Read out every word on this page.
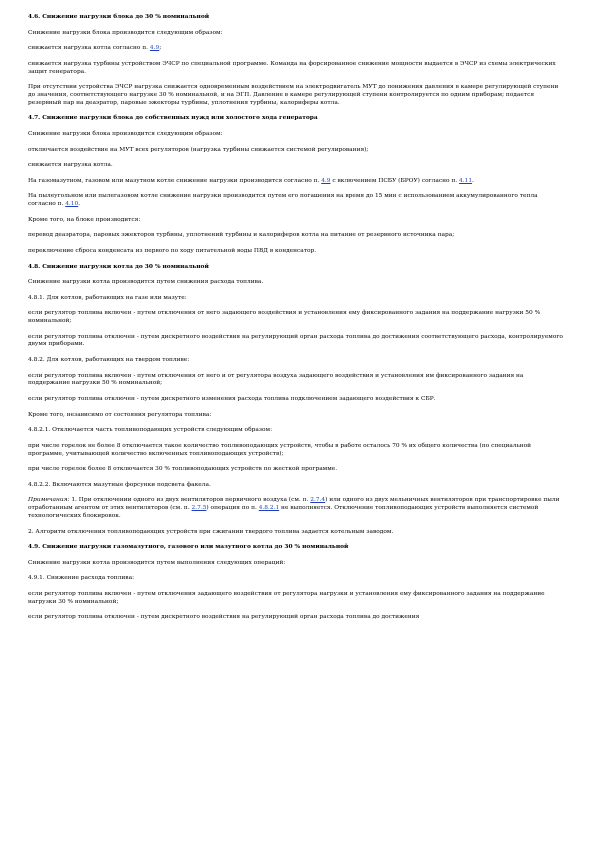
4.6. Снижение нагрузки блока до 30 % номинальной

Снижение нагрузки блока производится следующим образом:

снижается нагрузка котла согласно п. 4.9;

снижается нагрузка турбины устройством ЭЧСР по специальной программе. Команда на форсированное снижение мощности выдается в ЭЧСР из схемы электрических защит генератора.

При отсутствии устройства ЭЧСР нагрузка снижается одновременным воздействием на электродвигатель МУТ до понижения давления в камере регулирующей ступени до значения, соответствующего нагрузке 30 % номинальной, и на ЭГП. Давление в камере регулирующей ступени контролируется по одним приборам; подается резервный пар на деаэратор, паровые эжекторы турбины, уплотнения турбины, калориферы котла.

4.7. Снижение нагрузки блока до собственных нужд или холостого хода генератора

Снижение нагрузки блока производится следующим образом:

отключается воздействие на МУТ всех регуляторов (нагрузка турбины снижается системой регулирования);

снижается нагрузка котла.

На газомазутном, газовом или мазутном котле снижение нагрузки производится согласно п. 4.9 с включением ПСБУ (БРОУ) согласно п. 4.11.

На пылеугольном или пылегазовом котле снижение нагрузки производится путем его погашения на время до 15 мин с использованием аккумулированного тепла согласно п. 4.10.

Кроме того, на блоке производится:

перевод деаэратора, паровых эжекторов турбины, уплотнений турбины и калориферов котла на питание от резервного источника пара;

переключение сброса конденсата из первого по ходу питательной воды ПВД в конденсатор.

4.8. Снижение нагрузки котла до 30 % номинальной

Снижение нагрузки котла производится путем снижения расхода топлива.

4.8.1. Для котлов, работающих на газе или мазуте:

если регулятор топлива включен - путем отключения от него задающего воздействия и установления ему фиксированного задания на поддержание нагрузки 50 % номинальной;

если регулятор топлива отключен - путем дискретного воздействия на регулирующий орган расхода топлива до достижения соответствующего расхода, контролируемого двумя приборами.

4.8.2. Для котлов, работающих на твердом топливе:

если регулятор топлива включен - путем отключения от него и от регулятора воздуха задающего воздействия и установления им фиксированного задания на поддержание нагрузки 50 % номинальной;

если регулятор топлива отключен - путем дискретного изменения расхода топлива подключением задающего воздействия к СБР.

Кроме того, независимо от состояния регулятора топлива:

4.8.2.1. Отключается часть топливоподающих устройств следующим образом:

при числе горелок не более 8 отключается такое количество топливоподающих устройств, чтобы в работе осталось 70 % их общего количества (по специальной программе, учитывающей количество включенных топливоподающих устройств);

при числе горелок более 8 отключается 30 % топливоподающих устройств по жесткой программе.

4.8.2.2. Включаются мазутные форсунки подсвета факела.

Примечания: 1. При отключении одного из двух вентиляторов первичного воздуха (см. п. 2.7.4) или одного из двух мельничных вентиляторов при транспортировке пыли отработанным агентом от этих вентиляторов (см. п. 2.7.5) операция по п. 4.8.2.1 не выполняется. Отключение топливоподающих устройств выполняется системой технологических блокировок.

2. Алгоритм отключения топливоподающих устройств при сжигании твердого топлива задается котельным заводом.

4.9. Снижение нагрузки газомазутного, газового или мазутного котла до 30 % номинальной

Снижение нагрузки котла производится путем выполнения следующих операций:

4.9.1. Снижение расхода топлива:

если регулятор топлива включен - путем отключения задающего воздействия от регулятора нагрузки и установления ему фиксированного задания на поддержание нагрузки 30 % номинальной;

если регулятор топлива отключен - путем дискретного воздействия на регулирующий орган расхода топлива до достижения
